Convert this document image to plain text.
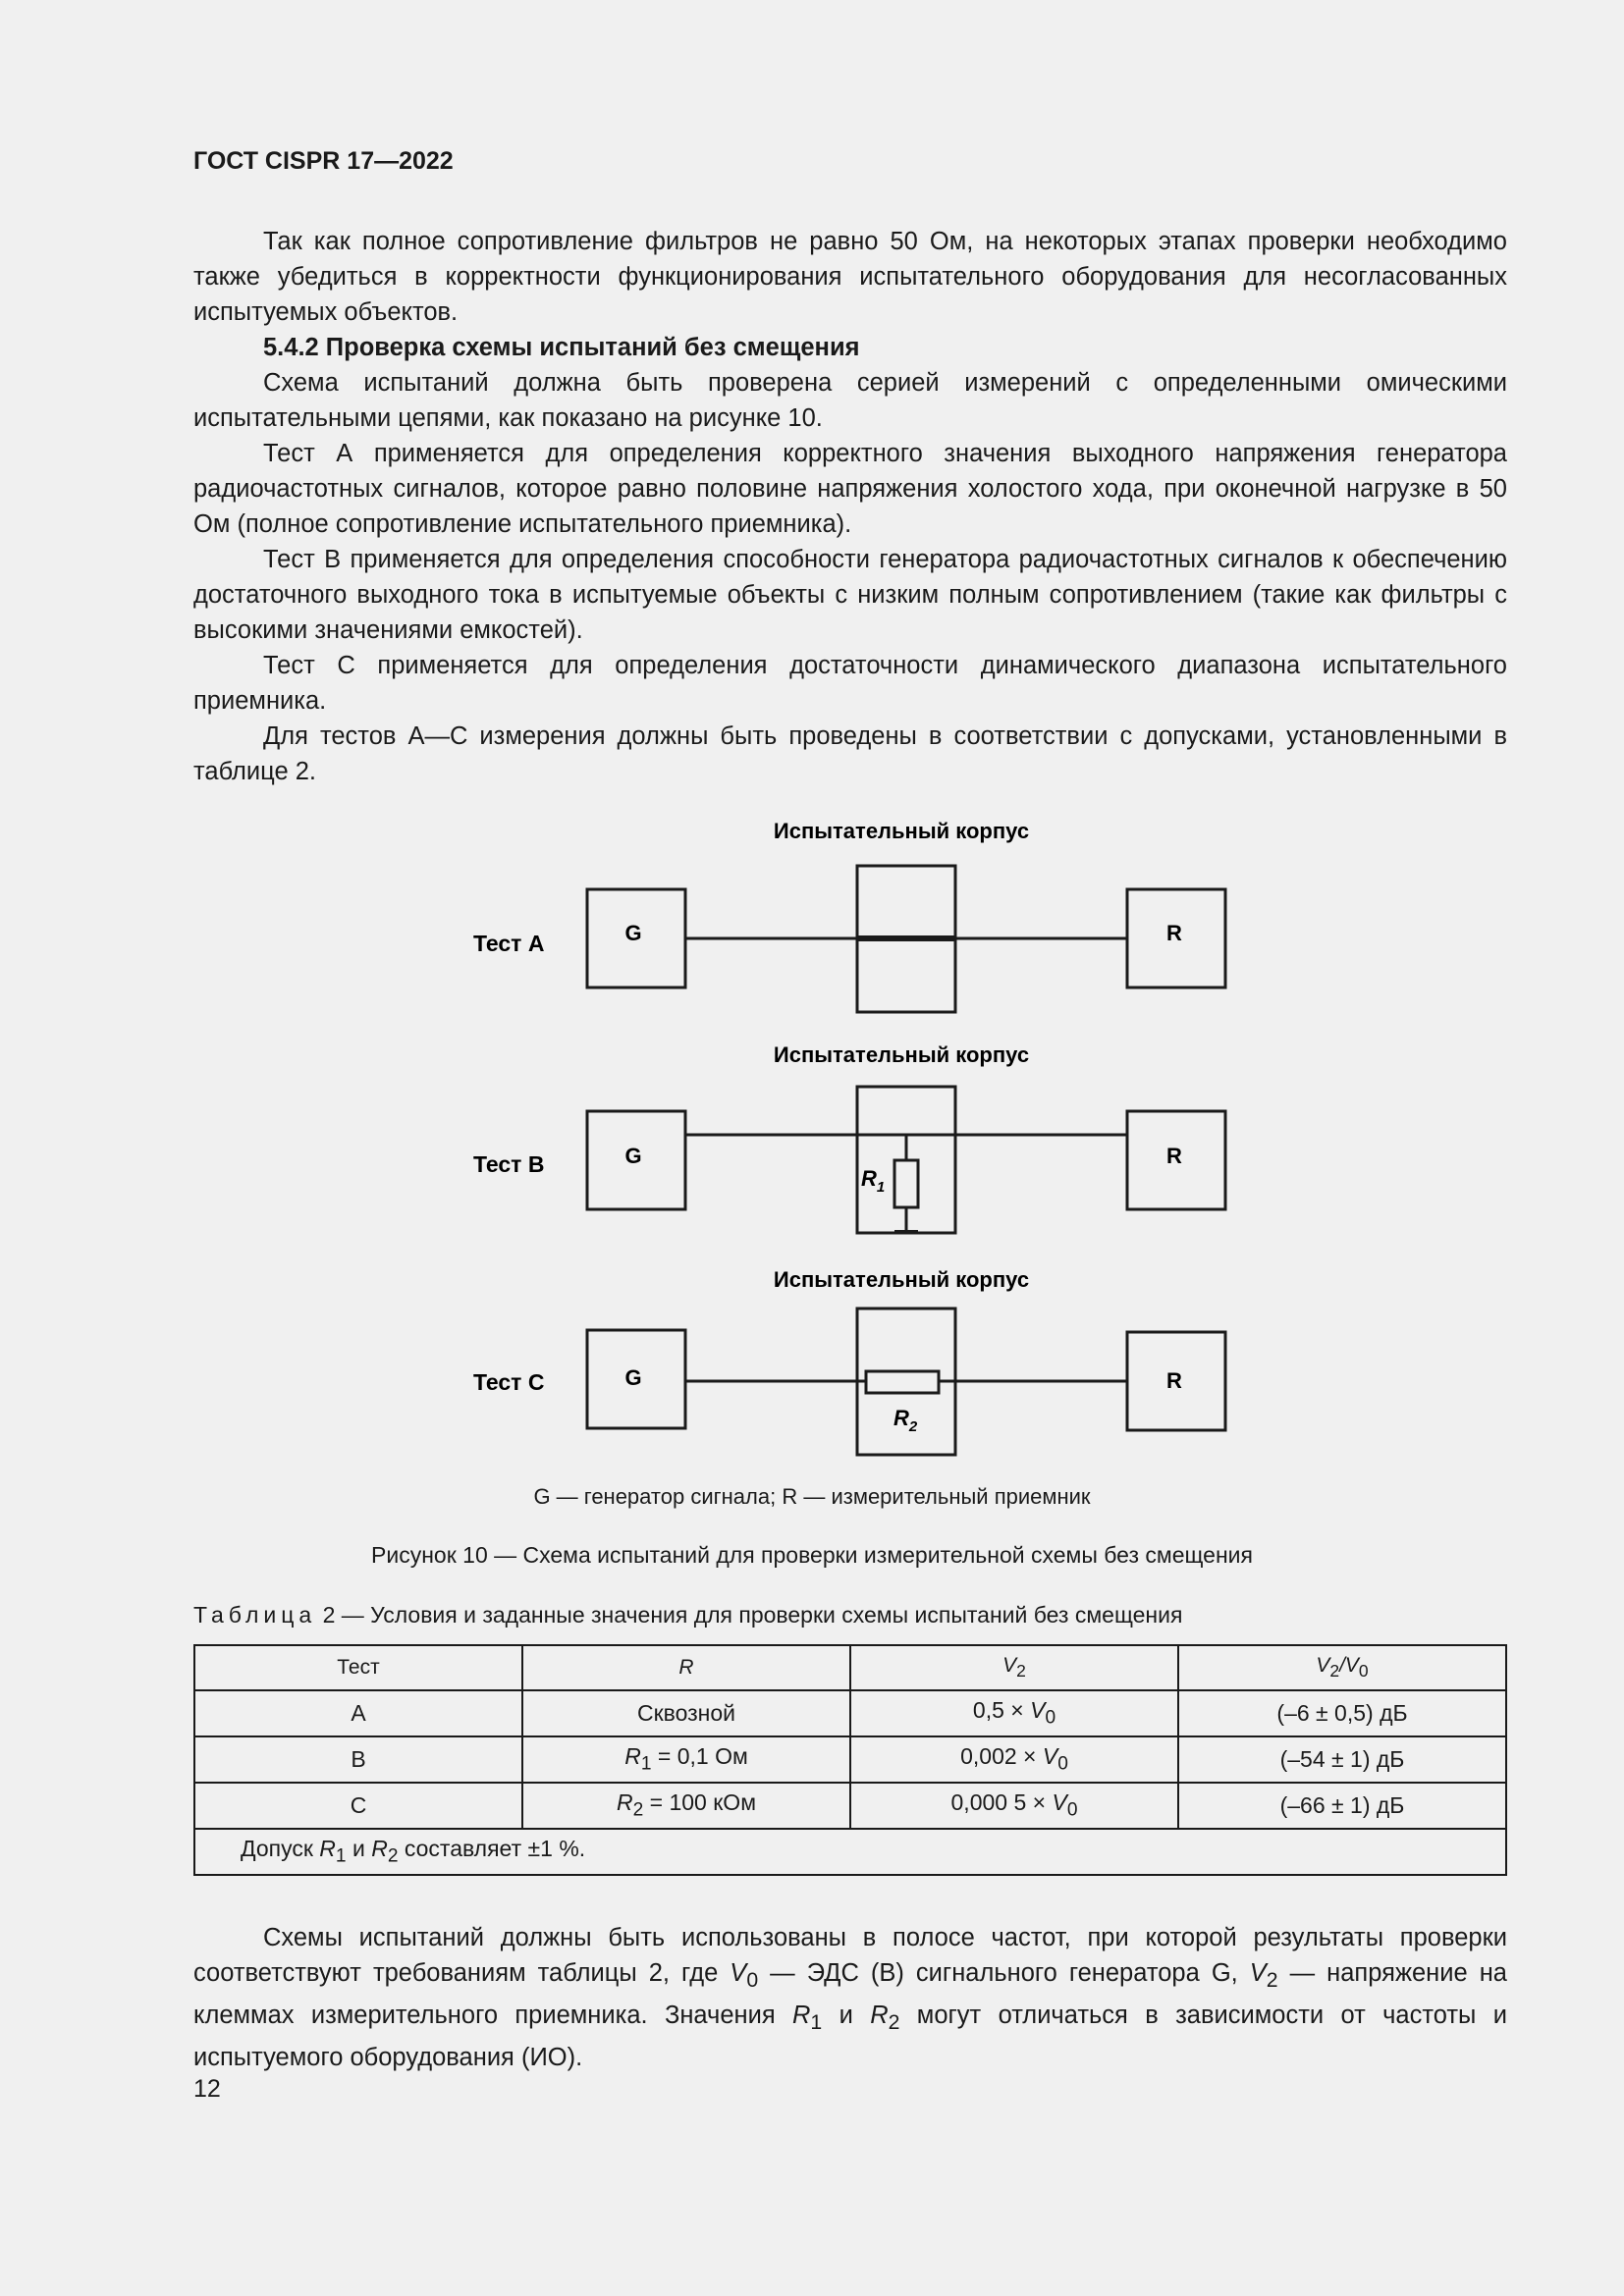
ГОСТ CISPR 17—2022

Так как полное сопротивление фильтров не равно 50 Ом, на некоторых этапах проверки необходимо также убедиться в корректности функционирования испытательного оборудования для несогласованных испытуемых объектов.

5.4.2 Проверка схемы испытаний без смещения

Схема испытаний должна быть проверена серией измерений с определенными омическими испытательными цепями, как показано на рисунке 10.

Тест А применяется для определения корректного значения выходного напряжения генератора радиочастотных сигналов, которое равно половине напряжения холостого хода, при оконечной нагрузке в 50 Ом (полное сопротивление испытательного приемника).

Тест В применяется для определения способности генератора радиочастотных сигналов к обеспечению достаточного выходного тока в испытуемые объекты с низким полным сопротивлением (такие как фильтры с высокими значениями емкостей).

Тест С применяется для определения достаточности динамического диапазона испытательного приемника.

Для тестов А—С измерения должны быть проведены в соответствии с допусками, установленными в таблице 2.

Испытательный корпус
Тест А	G	R
Испытательный корпус
Тест В	G	R
$R_1$
Испытательный корпус
Тест С	G	R
$R_2$
G — генератор сигнала; R — измерительный приемник
Рисунок 10 — Схема испытаний для проверки измерительной схемы без смещения
Таблица 2 — Условия и заданные значения для проверки схемы испытаний без смещения
Тест	R	$V_2$	$V_2/V_0$
A	Сквозной	$0,5 \times V_0$	(–6 ± 0,5) дБ
B	$R_1 = 0,1$ Ом	$0,002 \times V_0$	(–54 ± 1) дБ
C	$R_2 = 100$ кОм	0,000 $5 \times V_0$	(–66 ± 1) дБ
Допуск $R_1$ и $R_2$ составляет ±1 %.			

Схемы испытаний должны быть использованы в полосе частот, при которой результаты проверки соответствуют требованиям таблицы 2, где $V_0$ — ЭДС (B) сигнального генератора G, $V_2$ — напряжение на клеммах измерительного приемника. Значения $R_1$ и $R_2$ могут отличаться в зависимости от частоты и испытуемого оборудования (ИО).

12
